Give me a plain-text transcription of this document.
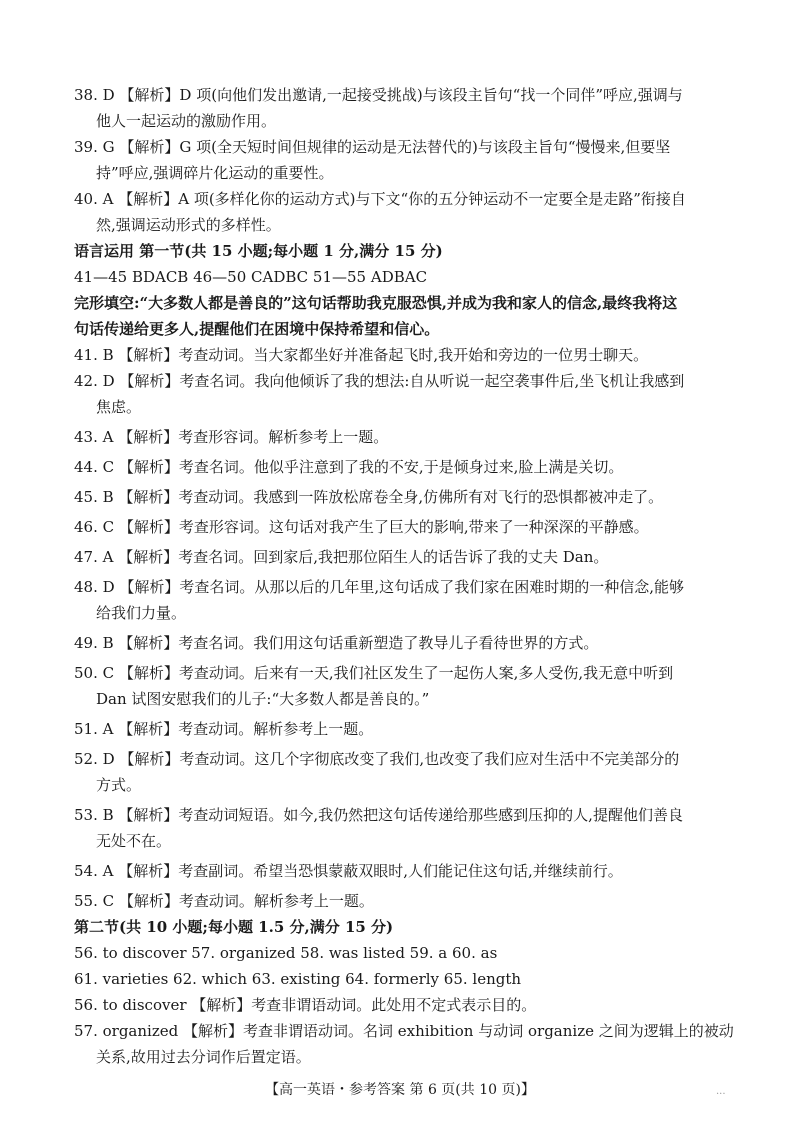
38. D 【解析】D 项(向他们发出邀请,一起接受挑战)与该段主旨句“找一个同伴”呼应,强调与
他人一起运动的激励作用。
39. G 【解析】G 项(全天短时间但规律的运动是无法替代的)与该段主旨句“慢慢来,但要坚
持”呼应,强调碎片化运动的重要性。
40. A 【解析】A 项(多样化你的运动方式)与下文“你的五分钟运动不一定要全是走路”衔接自
然,强调运动形式的多样性。
语言运用 第一节(共 15 小题;每小题 1 分,满分 15 分)
41—45 BDACB 46—50 CADBC 51—55 ADBAC
完形填空:“大多数人都是善良的”这句话帮助我克服恐惧,并成为我和家人的信念,最终我将这
句话传递给更多人,提醒他们在困境中保持希望和信心。
41. B 【解析】考查动词。当大家都坐好并准备起飞时,我开始和旁边的一位男士聊天。
42. D 【解析】考查名词。我向他倾诉了我的想法:自从听说一起空袭事件后,坐飞机让我感到
焦虑。
43. A 【解析】考查形容词。解析参考上一题。
44. C 【解析】考查名词。他似乎注意到了我的不安,于是倾身过来,脸上满是关切。
45. B 【解析】考查动词。我感到一阵放松席卷全身,仿佛所有对飞行的恐惧都被冲走了。
46. C 【解析】考查形容词。这句话对我产生了巨大的影响,带来了一种深深的平静感。
47. A 【解析】考查名词。回到家后,我把那位陌生人的话告诉了我的丈夫 Dan。
48. D 【解析】考查名词。从那以后的几年里,这句话成了我们家在困难时期的一种信念,能够
给我们力量。
49. B 【解析】考查名词。我们用这句话重新塑造了教导儿子看待世界的方式。
50. C 【解析】考查动词。后来有一天,我们社区发生了一起伤人案,多人受伤,我无意中听到
Dan 试图安慰我们的儿子:“大多数人都是善良的。”
51. A 【解析】考查动词。解析参考上一题。
52. D 【解析】考查动词。这几个字彻底改变了我们,也改变了我们应对生活中不完美部分的
方式。
53. B 【解析】考查动词短语。如今,我仍然把这句话传递给那些感到压抑的人,提醒他们善良
无处不在。
54. A 【解析】考查副词。希望当恐惧蒙蔽双眼时,人们能记住这句话,并继续前行。
55. C 【解析】考查动词。解析参考上一题。
第二节(共 10 小题;每小题 1.5 分,满分 15 分)
56. to discover 57. organized 58. was listed 59. a 60. as
61. varieties 62. which 63. existing 64. formerly 65. length
56. to discover 【解析】考查非谓语动词。此处用不定式表示目的。
57. organized 【解析】考查非谓语动词。名词 exhibition 与动词 organize 之间为逻辑上的被动
关系,故用过去分词作后置定语。
【高一英语・参考答案 第 6 页(共 10 页)】	...
